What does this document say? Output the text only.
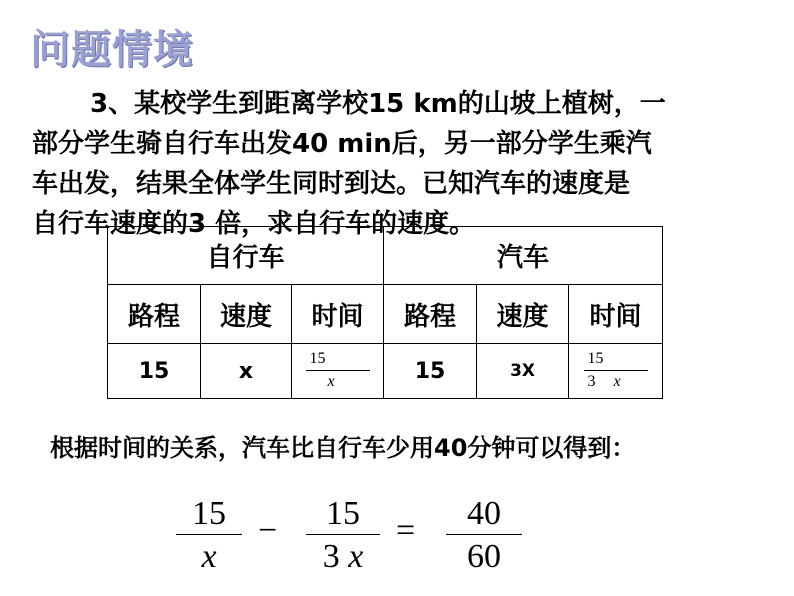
问题情境

3、某校学生到距离学校15 km的山坡上植树，一

部分学生骑自行车出发40 min后，另一部分学生乘汽

车出发，结果全体学生同时到达。已知汽车的速度是

自行车速度的3 倍，求自行车的速度。

自行车			汽车		
路程	速度	时间	路程	速度	时间
15	x	$\frac{15}{x}$	15	3X	$\frac{15}{3 x}$
根据时间的关系，汽车比自行车少用40分钟可以得到：
15
x
−	15
3 x
=	40
60
